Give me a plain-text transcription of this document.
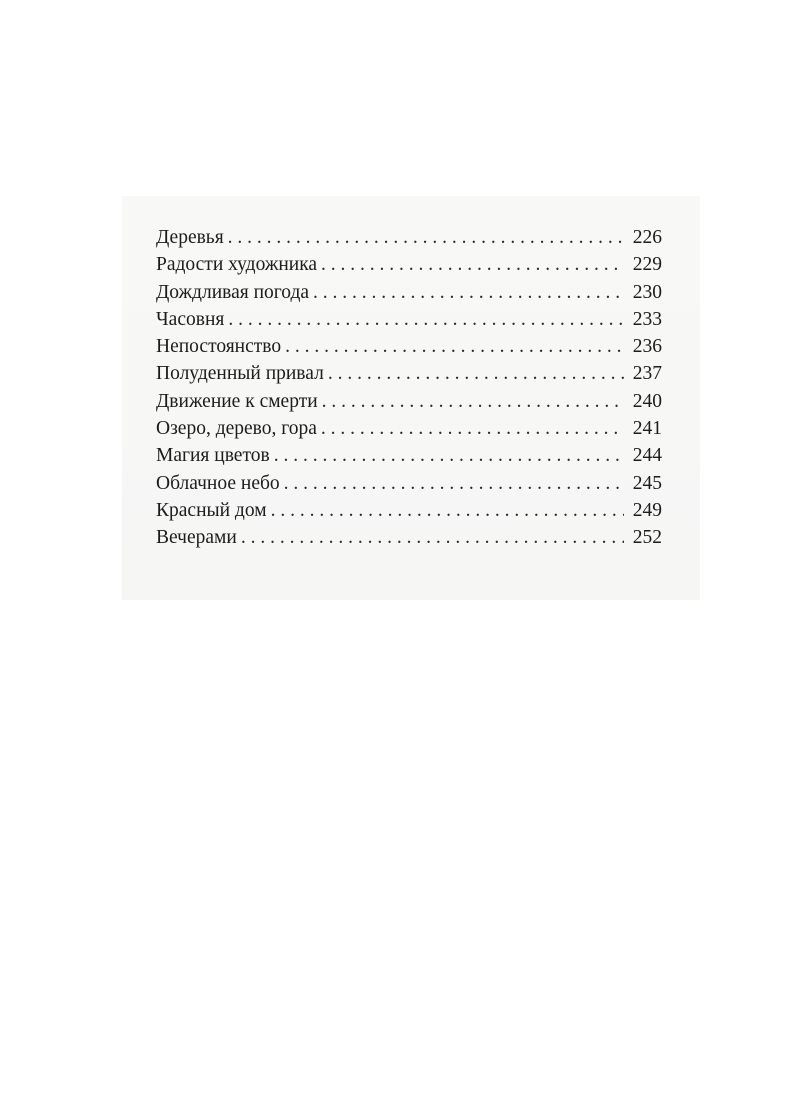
Деревья . . .	226
Радости художника . . .	229
Дождливая погода . . .	230
Часовня . . .	233
Непостоянство . . .	236
Полуденный привал . . .	237
Движение к смерти . . .	240
Озеро, дерево, гора . . .	241
Магия цветов . . .	244
Облачное небо . . .	245
Красный дом . . .	249
Вечерами . . .	252
